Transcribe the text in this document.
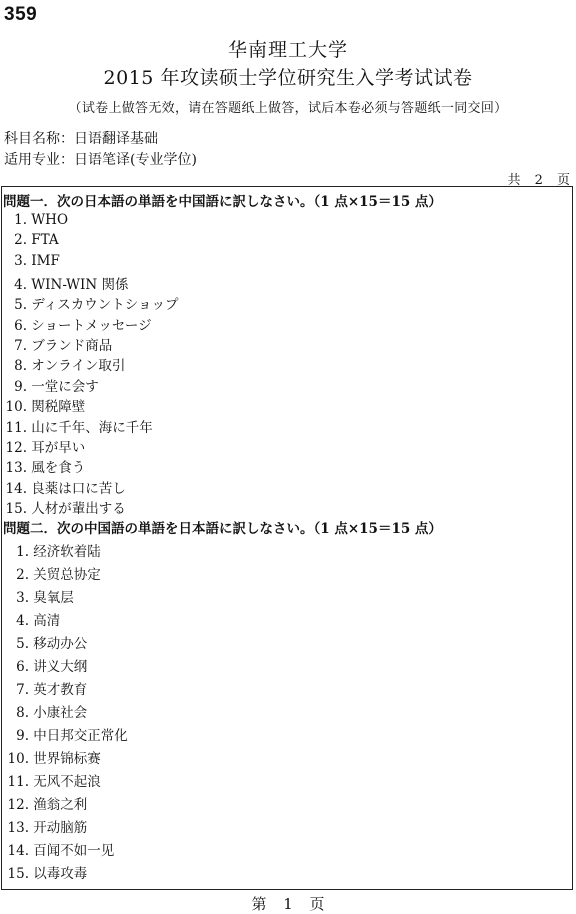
359
华南理工大学
2015 年攻读硕士学位研究生入学考试试卷
（试卷上做答无效，请在答题纸上做答，试后本卷必须与答题纸一同交回）
科目名称：日语翻译基础
适用专业：日语笔译(专业学位)
共 2 页
問題一．次の日本語の単語を中国語に訳しなさい。（1 点×15＝15 点）
1. WHO
2. FTA
3. IMF
4. WIN-WIN 関係
5. ディスカウントショップ
6. ショートメッセージ
7. ブランド商品
8. オンライン取引
9. 一堂に会す
10. 関税障壁
11. 山に千年、海に千年
12. 耳が早い
13. 風を食う
14. 良薬は口に苦し
15. 人材が輩出する
問題二．次の中国語の単語を日本語に訳しなさい。（1 点×15＝15 点）
1. 经济软着陆
2. 关贸总协定
3. 臭氧层
4. 高清
5. 移动办公
6. 讲义大纲
7. 英才教育
8. 小康社会
9. 中日邦交正常化
10. 世界锦标赛
11. 无风不起浪
12. 渔翁之利
13. 开动脑筋
14. 百闻不如一见
15. 以毒攻毒
第 1 页
